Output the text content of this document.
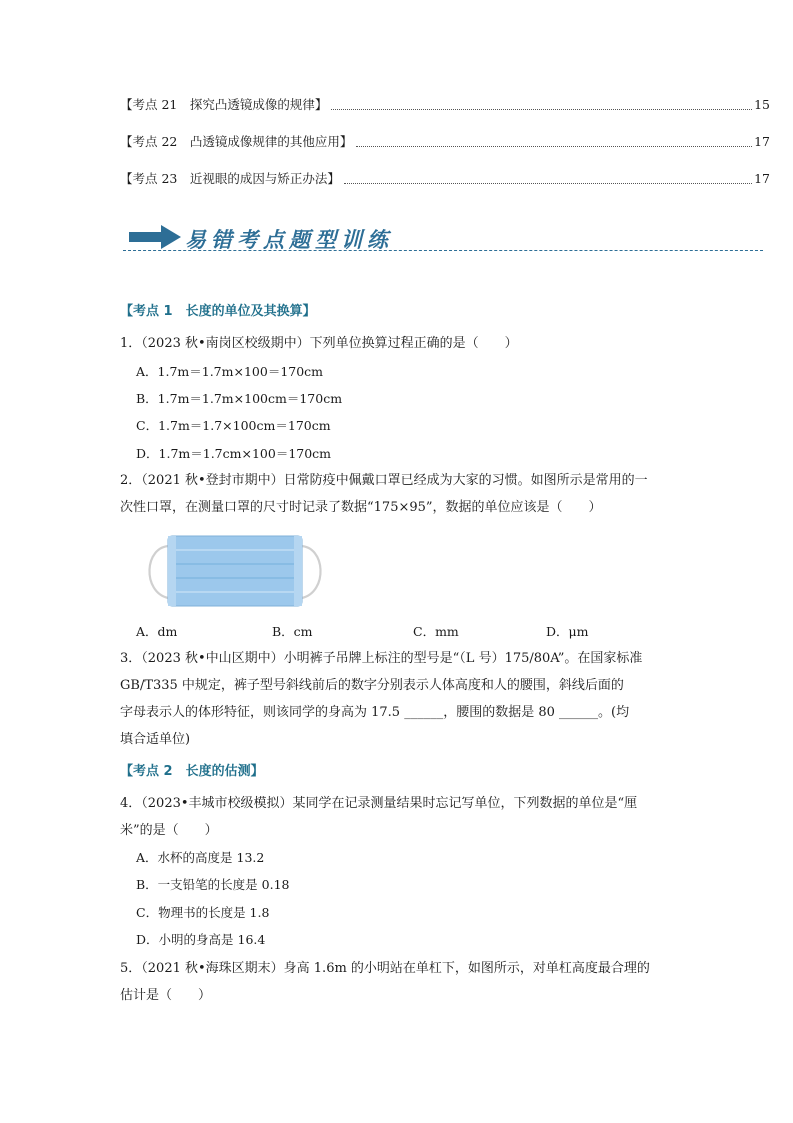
【考点 21　探究凸透镜成像的规律】	15
【考点 22　凸透镜成像规律的其他应用】	17
【考点 23　近视眼的成因与矫正办法】	17
易错考点题型训练
【考点 1　长度的单位及其换算】
1．（2023 秋•南岗区校级期中）下列单位换算过程正确的是（　　）
A．1.7m＝1.7m×100＝170cm
B．1.7m＝1.7m×100cm＝170cm
C．1.7m＝1.7×100cm＝170cm
D．1.7m＝1.7cm×100＝170cm
2．（2021 秋•登封市期中）日常防疫中佩戴口罩已经成为大家的习惯。如图所示是常用的一
次性口罩，在测量口罩的尺寸时记录了数据“175×95”，数据的单位应该是（　　）
A．dm	B．cm	C．mm	D．μm
3．（2023 秋•中山区期中）小明裤子吊牌上标注的型号是“（L 号）175/80A”。在国家标准
GB/T335 中规定，裤子型号斜线前后的数字分别表示人体高度和人的腰围，斜线后面的
字母表示人的体形特征，则该同学的身高为 17.5 ______，腰围的数据是 80 ______。(均
填合适单位)
【考点 2　长度的估测】
4．（2023•丰城市校级模拟）某同学在记录测量结果时忘记写单位，下列数据的单位是“厘
米”的是（　　）
A．水杯的高度是 13.2
B．一支铅笔的长度是 0.18
C．物理书的长度是 1.8
D．小明的身高是 16.4
5．（2021 秋•海珠区期末）身高 1.6m 的小明站在单杠下，如图所示，对单杠高度最合理的
估计是（　　）
